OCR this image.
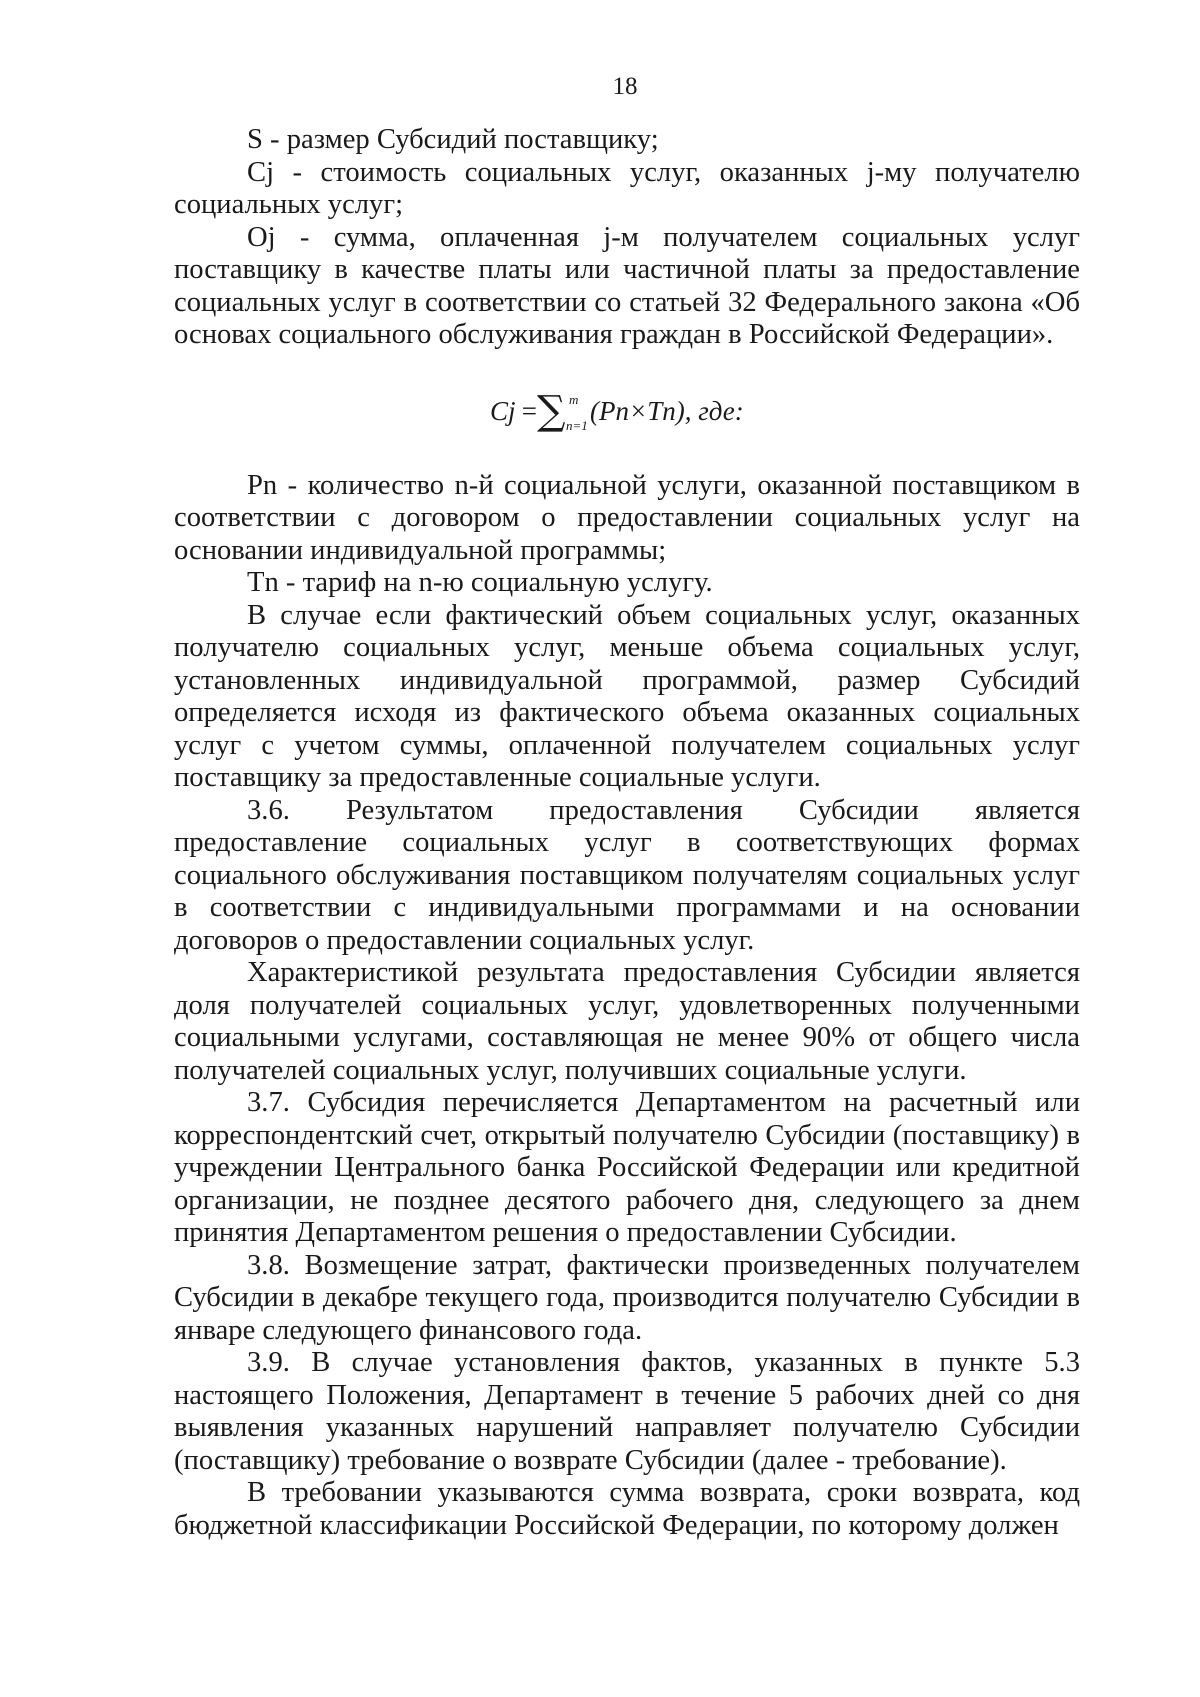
18

S - размер Субсидий поставщику;

Cj - стоимость социальных услуг, оказанных j-му получателю социальных услуг;

Oj - сумма, оплаченная j-м получателем социальных услуг поставщику в качестве платы или частичной платы за предоставление социальных услуг в соответствии со статьей 32 Федерального закона «Об основах социального обслуживания граждан в Российской Федерации».

Cj =
∑ m
n=1 (Pn×Tn), где:

Pn - количество n-й социальной услуги, оказанной поставщиком в соответствии с договором о предоставлении социальных услуг на основании индивидуальной программы;

Tn - тариф на n-ю социальную услугу.

В случае если фактический объем социальных услуг, оказанных получателю социальных услуг, меньше объема социальных услуг, установленных индивидуальной программой, размер Субсидий определяется исходя из фактического объема оказанных социальных услуг с учетом суммы, оплаченной получателем социальных услуг поставщику за предоставленные социальные услуги.

3.6. Результатом предоставления Субсидии является предоставление социальных услуг в соответствующих формах социального обслуживания поставщиком получателям социальных услуг в соответствии с индивидуальными программами и на основании договоров о предоставлении социальных услуг.

Характеристикой результата предоставления Субсидии является доля получателей социальных услуг, удовлетворенных полученными социальными услугами, составляющая не менее 90% от общего числа получателей социальных услуг, получивших социальные услуги.

3.7. Субсидия перечисляется Департаментом на расчетный или корреспондентский счет, открытый получателю Субсидии (поставщику) в учреждении Центрального банка Российской Федерации или кредитной организации, не позднее десятого рабочего дня, следующего за днем принятия Департаментом решения о предоставлении Субсидии.

3.8. Возмещение затрат, фактически произведенных получателем Субсидии в декабре текущего года, производится получателю Субсидии в январе следующего финансового года.

3.9. В случае установления фактов, указанных в пункте 5.3 настоящего Положения, Департамент в течение 5 рабочих дней со дня выявления указанных нарушений направляет получателю Субсидии (поставщику) требование о возврате Субсидии (далее - требование).

В требовании указываются сумма возврата, сроки возврата, код бюджетной классификации Российской Федерации, по которому должен
